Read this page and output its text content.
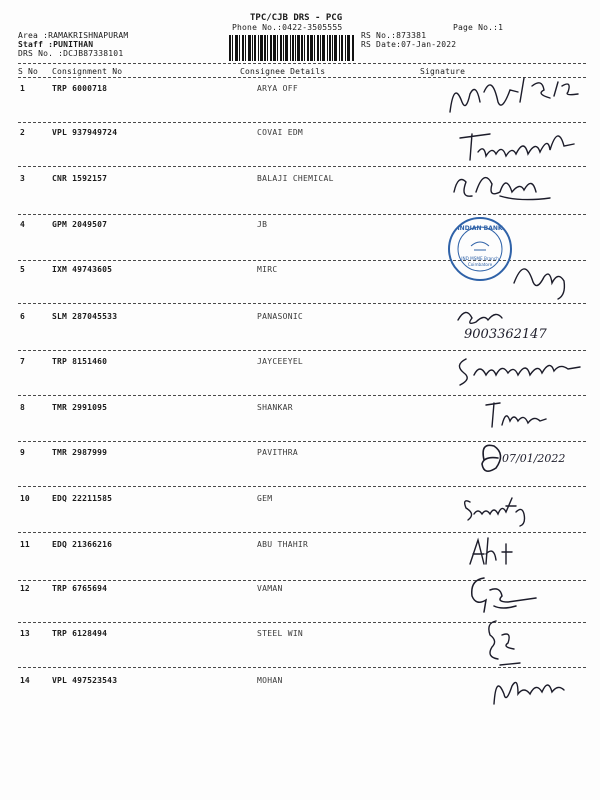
TPC/CJB DRS - PCG
Phone No.:0422-3505555	Page No.:1
Area :RAMAKRISHNAPURAM
Staff :PUNITHAN
DRS No. :DCJB87338101
RS No.:873381
RS Date:07-Jan-2022
S No Consignment No	Consignee Details	Signature
1	TRP 6000718	ARYA OFF
2	VPL 937949724	COVAI EDM
3	CNR 1592157	BALAJI CHEMICAL
4	GPM 2049507	JB
5	IXM 49743605	MIRC
6	SLM 287045533	PANASONIC
9003362147
7	TRP 8151460	JAYCEEYEL
8	TMR 2991095	SHANKAR
9	TMR 2987999	PAVITHRA	07/01/2022
10	EDQ 22211585	GEM
11	EDQ 21366216	ABU THAHIR
12	TRP 6765694	VAMAN
13	TRP 6128494	STEEL WIN
14	VPL 497523543	MOHAN
INDIAN BANK
IND MSME Branch
Coimbatore
